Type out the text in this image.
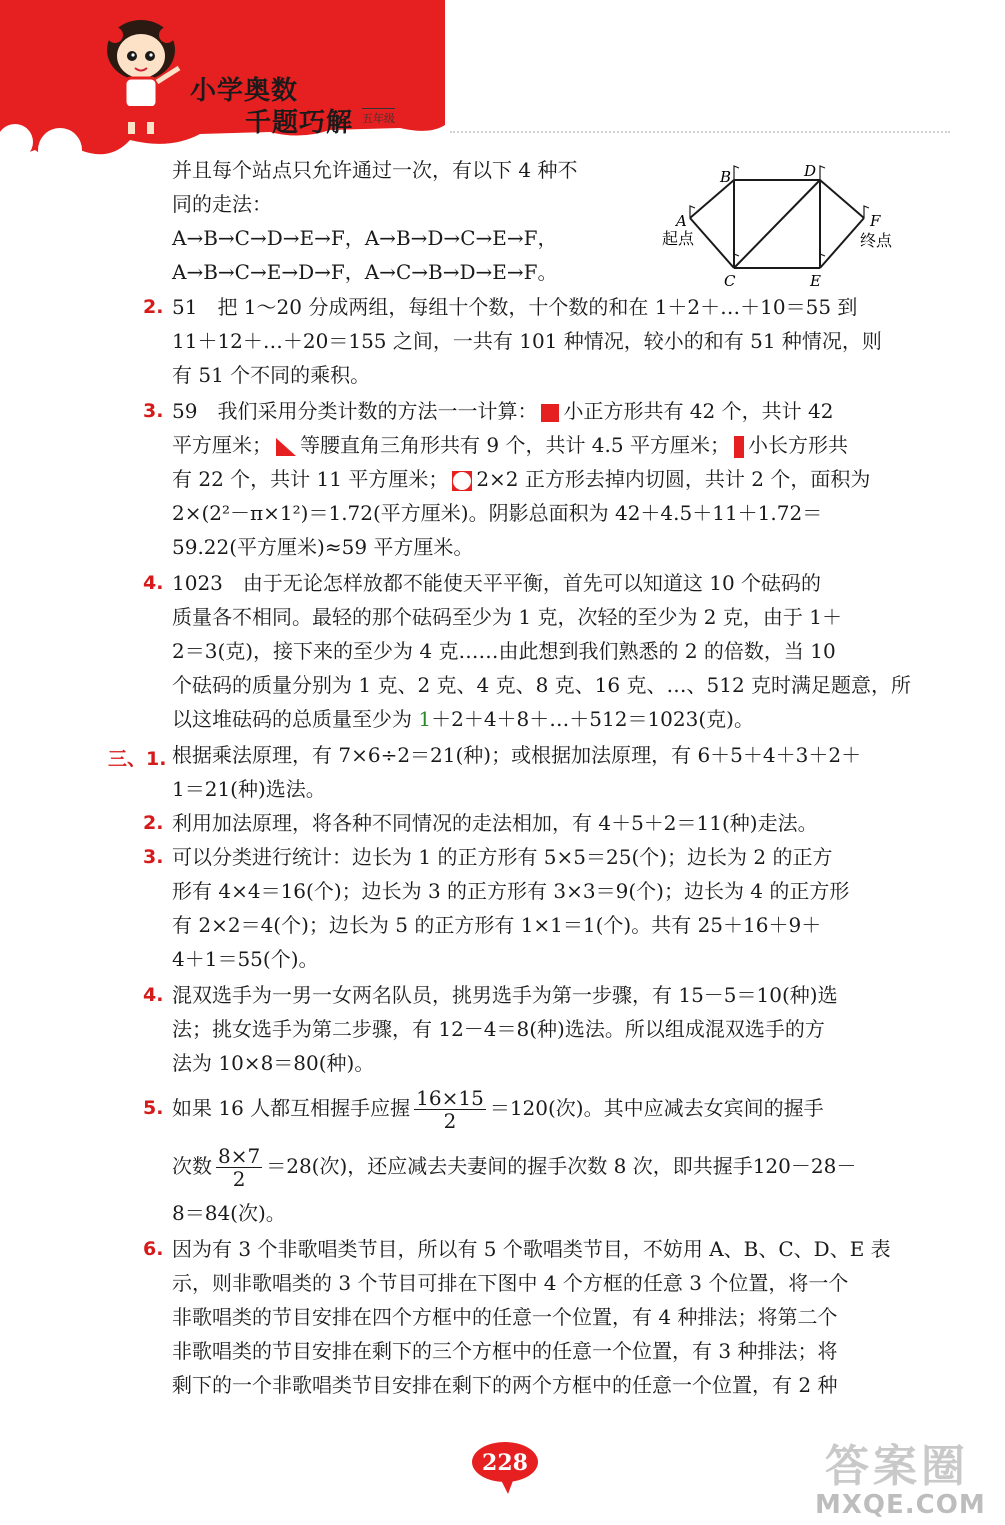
小学奥数
千题巧解 五年级
B	D
A	F
C	E
起点	终点
并且每个站点只允许通过一次，有以下 4 种不
同的走法：
A→B→C→D→E→F，A→B→D→C→E→F，
A→B→C→E→D→F，A→C→B→D→E→F。
2. 51　把 1～20 分成两组，每组十个数，十个数的和在 1＋2＋…＋10＝55 到
11＋12＋…＋20＝155 之间，一共有 101 种情况，较小的和有 51 种情况，则
有 51 个不同的乘积。
3. 59　我们采用分类计数的方法一一计算： 小正方形共有 42 个，共计 42
平方厘米； 等腰直角三角形共有 9 个，共计 4.5 平方厘米； 小长方形共
有 22 个，共计 11 平方厘米； 2×2 正方形去掉内切圆，共计 2 个，面积为
2×(2²－π×1²)＝1.72(平方厘米)。阴影总面积为 42＋4.5＋11＋1.72＝
59.22(平方厘米)≈59 平方厘米。
4. 1023　由于无论怎样放都不能使天平平衡，首先可以知道这 10 个砝码的
质量各不相同。最轻的那个砝码至少为 1 克，次轻的至少为 2 克，由于 1＋
2＝3(克)，接下来的至少为 4 克……由此想到我们熟悉的 2 的倍数，当 10
个砝码的质量分别为 1 克、2 克、4 克、8 克、16 克、…、512 克时满足题意，所
以这堆砝码的总质量至少为 1＋2＋4＋8＋…＋512＝1023(克)。
三、1. 根据乘法原理，有 7×6÷2＝21(种)；或根据加法原理，有 6＋5＋4＋3＋2＋
1＝21(种)选法。
2. 利用加法原理，将各种不同情况的走法相加，有 4＋5＋2＝11(种)走法。
3. 可以分类进行统计：边长为 1 的正方形有 5×5＝25(个)；边长为 2 的正方
形有 4×4＝16(个)；边长为 3 的正方形有 3×3＝9(个)；边长为 4 的正方形
有 2×2＝4(个)；边长为 5 的正方形有 1×1＝1(个)。共有 25＋16＋9＋
4＋1＝55(个)。
4. 混双选手为一男一女两名队员，挑男选手为第一步骤，有 15－5＝10(种)选
法；挑女选手为第二步骤，有 12－4＝8(种)选法。所以组成混双选手的方
法为 10×8＝80(种)。
5. 如果 16 人都互相握手应握 $\frac{16\times 15}{2} =120$(次)。其中应减去女宾间的握手
次数 $\frac{8\times 7}{2} =28$(次)，还应减去夫妻间的握手次数 8 次，即共握手120－28－
8＝84(次)。
6. 因为有 3 个非歌唱类节目，所以有 5 个歌唱类节目，不妨用 A、B、C、D、E 表
示，则非歌唱类的 3 个节目可排在下图中 4 个方框的任意 3 个位置，将一个
非歌唱类的节目安排在四个方框中的任意一个位置，有 4 种排法；将第二个
非歌唱类的节目安排在剩下的三个方框中的任意一个位置，有 3 种排法；将
剩下的一个非歌唱类节目安排在剩下的两个方框中的任意一个位置，有 2 种
228	答案圈
MXQE.COM
